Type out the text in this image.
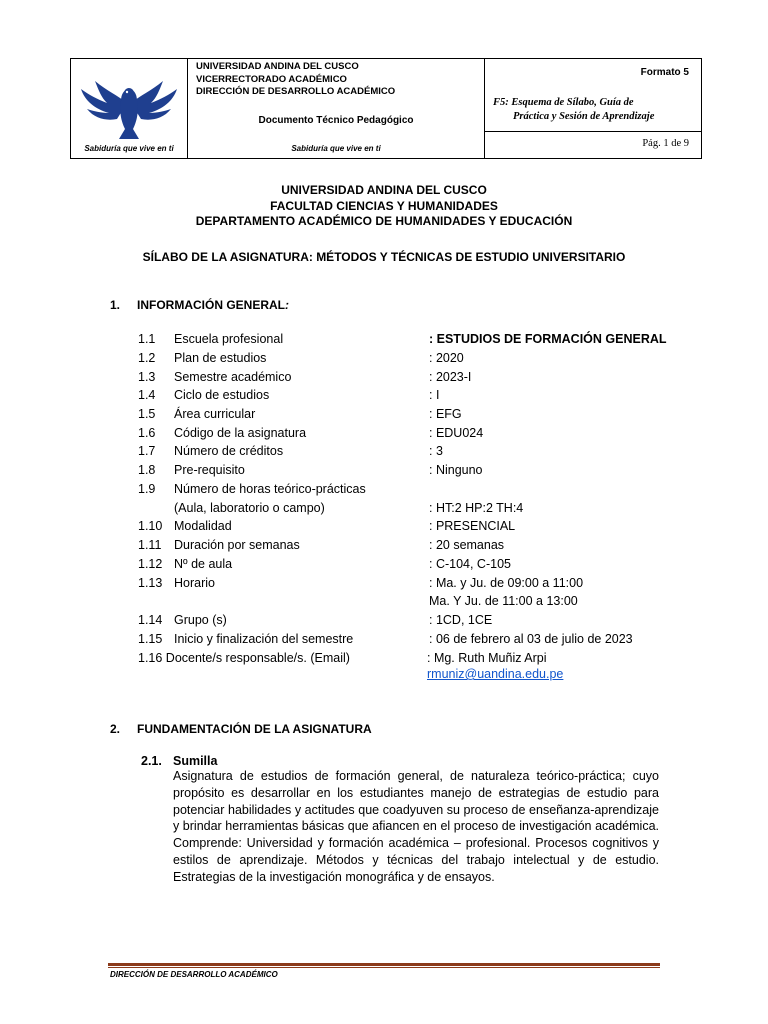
Sabiduría que vive en ti
UNIVERSIDAD ANDINA DEL CUSCO
VICERRECTORADO ACADÉMICO
DIRECCIÓN DE DESARROLLO ACADÉMICO
Documento Técnico Pedagógico
Sabiduría que vive en ti
Formato 5
F5: Esquema de Sílabo, Guía de
Práctica y Sesión de Aprendizaje
Pág. 1 de 9
UNIVERSIDAD ANDINA DEL CUSCO
FACULTAD CIENCIAS Y HUMANIDADES
DEPARTAMENTO ACADÉMICO DE HUMANIDADES Y EDUCACIÓN
SÍLABO DE LA ASIGNATURA: MÉTODOS Y TÉCNICAS DE ESTUDIO UNIVERSITARIO
1. INFORMACIÓN GENERAL:
1.1 Escuela profesional	: ESTUDIOS DE FORMACIÓN GENERAL
1.2 Plan de estudios	: 2020
1.3 Semestre académico	: 2023-I
1.4 Ciclo de estudios	: I
1.5 Área curricular	: EFG
1.6 Código de la asignatura	: EDU024
1.7 Número de créditos	: 3
1.8 Pre-requisito	: Ninguno
1.9 Número de horas teórico-prácticas
(Aula, laboratorio o campo)	: HT:2 HP:2 TH:4
1.10 Modalidad	: PRESENCIAL
1.11 Duración por semanas	: 20 semanas
1.12 Nº de aula	: C-104, C-105
1.13 Horario	: Ma. y Ju. de 09:00 a 11:00
Ma. Y Ju. de 11:00 a 13:00
1.14 Grupo (s)	: 1CD, 1CE
1.15 Inicio y finalización del semestre	: 06 de febrero al 03 de julio de 2023
1.16 Docente/s responsable/s. (Email)	: Mg. Ruth Muñiz Arpi
rmuniz@uandina.edu.pe
2. FUNDAMENTACIÓN DE LA ASIGNATURA
2.1. Sumilla
Asignatura de estudios de formación general, de naturaleza teórico-práctica; cuyo propósito es desarrollar en los estudiantes manejo de estrategias de estudio para potenciar habilidades y actitudes que coadyuven su proceso de enseñanza-aprendizaje y brindar herramientas básicas que afiancen en el proceso de investigación académica. Comprende: Universidad y formación académica – profesional. Procesos cognitivos y estilos de aprendizaje. Métodos y técnicas del trabajo intelectual y de estudio. Estrategias de la investigación monográfica y de ensayos.
DIRECCIÓN DE DESARROLLO ACADÉMICO
